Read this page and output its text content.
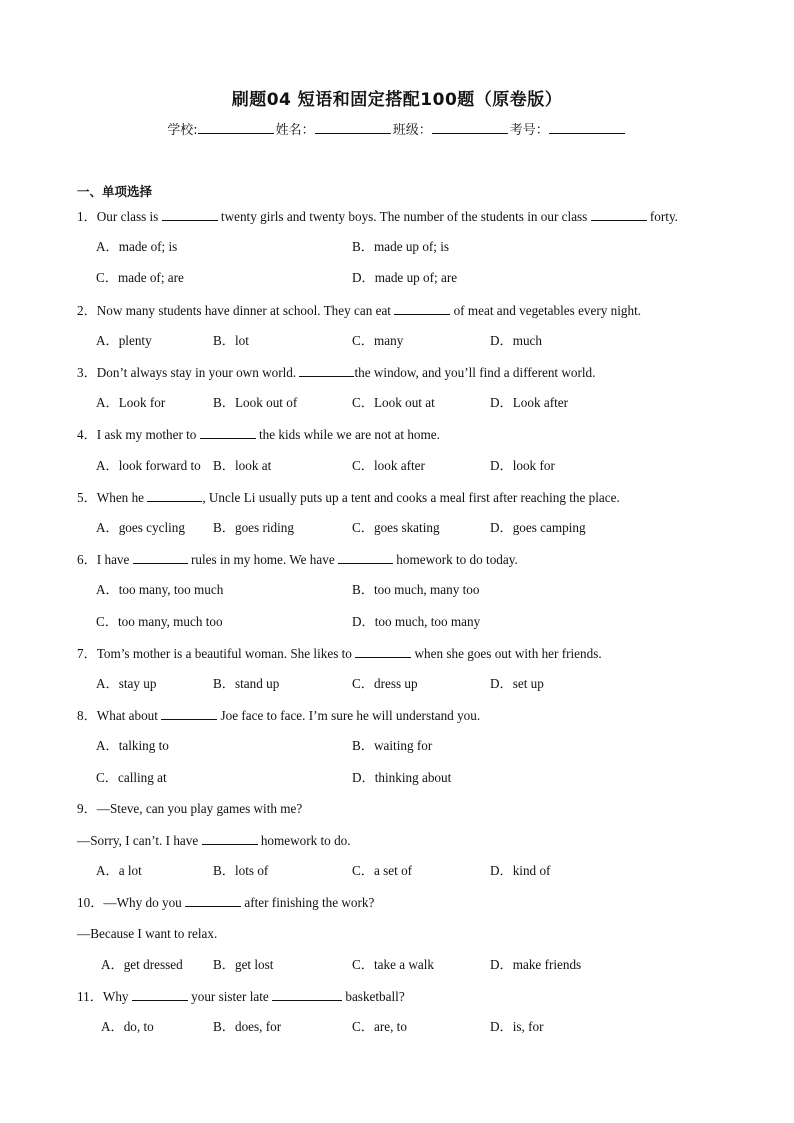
刷题04 短语和固定搭配100题（原卷版）
学校:	姓名：	班级：	考号：
一、单项选择
1．Our class is	twenty girls and twenty boys. The number of the students in our class	forty.
A．made of; is	B．made up of; is
C．made of; are	D．made up of; are
2．Now many students have dinner at school. They can eat	of meat and vegetables every night.
A．plenty	B．lot	C．many	D．much
3．Don’t always stay in your own world.	the window, and you’ll find a different world.
A．Look for	B．Look out of	C．Look out at	D．Look after
4．I ask my mother to	the kids while we are not at home.
A．look forward to B．look at	C．look after	D．look for
5．When he	, Uncle Li usually puts up a tent and cooks a meal first after reaching the place.
A．goes cycling B．goes riding	C．goes skating	D．goes camping
6．I have	rules in my home. We have	homework to do today.
A．too many, too much	B．too much, many too
C．too many, much too	D．too much, too many
7．Tom’s mother is a beautiful woman. She likes to	when she goes out with her friends.
A．stay up	B．stand up	C．dress up	D．set up
8．What about	Joe face to face. I’m sure he will understand you.
A．talking to	B．waiting for
C．calling at	D．thinking about
9．—Steve, can you play games with me?
—Sorry, I can’t. I have	homework to do.
A．a lot	B．lots of	C．a set of	D．kind of
10．—Why do you	after finishing the work?
—Because I want to relax.
A．get dressed B．get lost	C．take a walk	D．make friends
11．Why	your sister late	basketball?
A．do, to	B．does, for	C．are, to	D．is, for
